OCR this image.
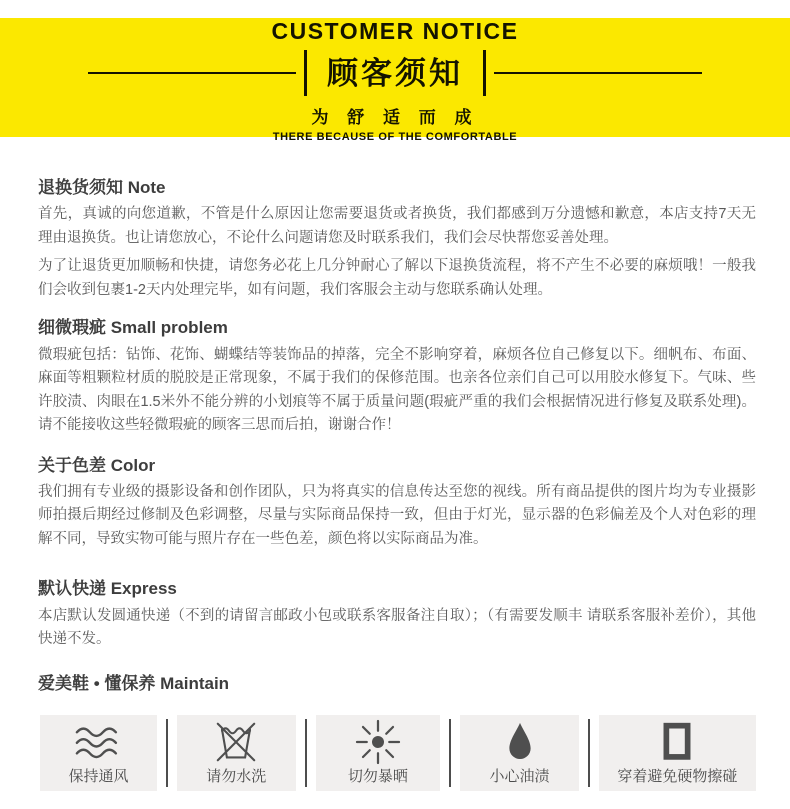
CUSTOMER NOTICE
顾客须知
为 舒 适 而 成
THERE BECAUSE OF THE COMFORTABLE
退换货须知 Note

首先，真诚的向您道歉，不管是什么原因让您需要退货或者换货，我们都感到万分遗憾和歉意，本店支持7天无理由退换货。也让请您放心，不论什么问题请您及时联系我们，我们会尽快帮您妥善处理。

为了让退货更加顺畅和快捷，请您务必花上几分钟耐心了解以下退换货流程，将不产生不必要的麻烦哦！一般我们会收到包裹1-2天内处理完毕，如有问题，我们客服会主动与您联系确认处理。

细微瑕疵 Small problem

微瑕疵包括：钻饰、花饰、蝴蝶结等装饰品的掉落，完全不影响穿着，麻烦各位自己修复以下。细帆布、布面、麻面等粗颗粒材质的脱胶是正常现象，不属于我们的保修范围。也亲各位亲们自己可以用胶水修复下。气味、些许胶渍、肉眼在1.5米外不能分辨的小划痕等不属于质量问题(瑕疵严重的我们会根据情况进行修复及联系处理)。请不能接收这些轻微瑕疵的顾客三思而后拍，谢谢合作！

关于色差 Color

我们拥有专业级的摄影设备和创作团队，只为将真实的信息传达至您的视线。所有商品提供的图片均为专业摄影师拍摄后期经过修制及色彩调整，尽量与实际商品保持一致，但由于灯光，显示器的色彩偏差及个人对色彩的理解不同，导致实物可能与照片存在一些色差，颜色将以实际商品为准。

默认快递 Express

本店默认发圆通快递（不到的请留言邮政小包或联系客服备注自取）；（有需要发顺丰 请联系客服补差价），其他快递不发。

爱美鞋 • 懂保养 Maintain
保持通风	请勿水洗	切勿暴晒	小心油渍	穿着避免硬物擦碰
